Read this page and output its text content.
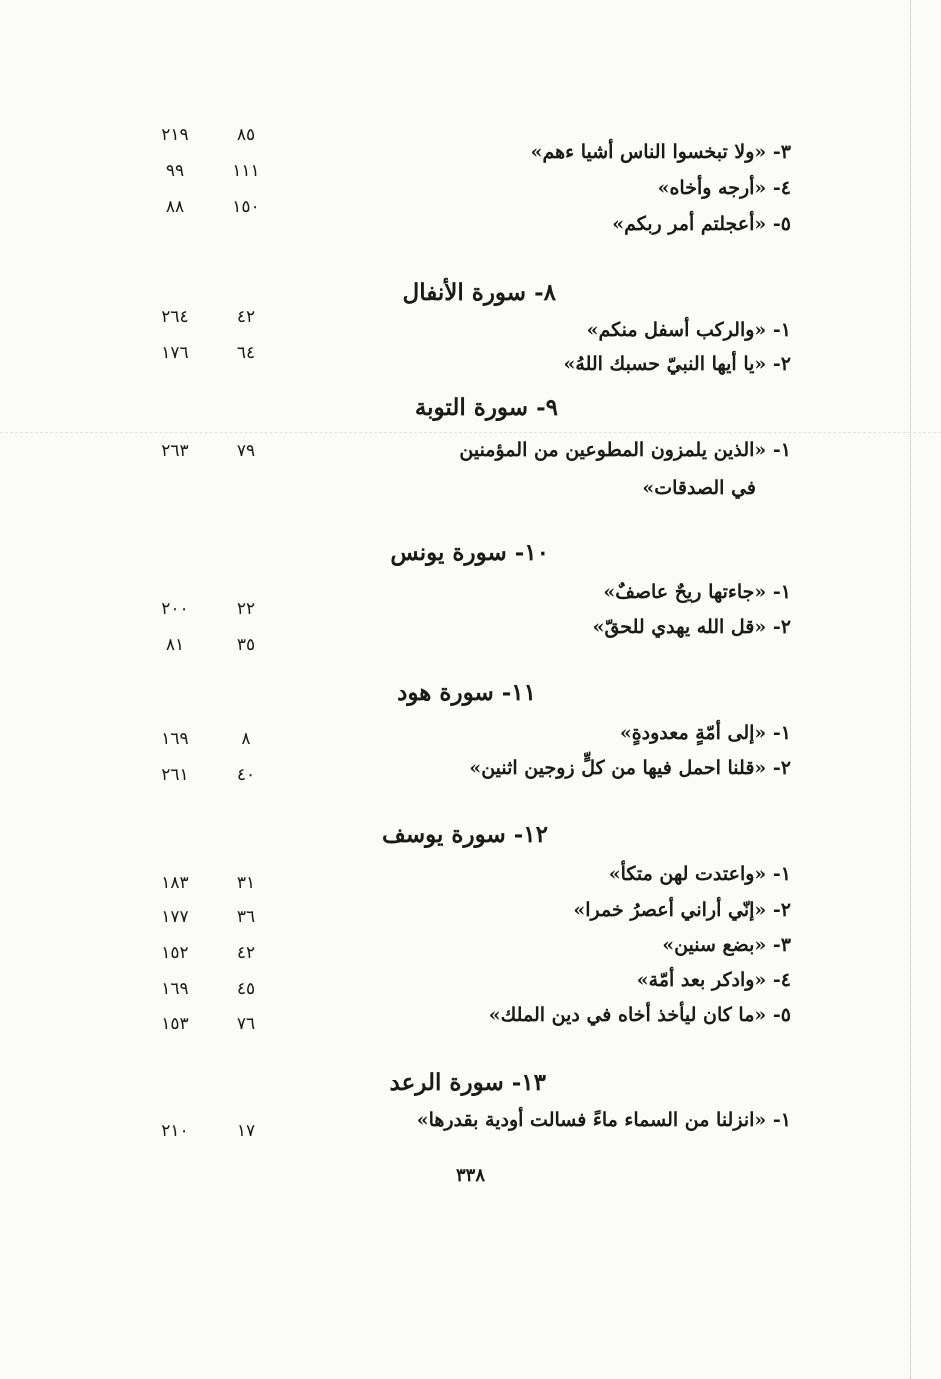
٣- «ولا تبخسوا الناس أشيا ءهم»
٨٥
٢١٩
٤- «أرجه وأخاه»
١١١
٩٩
٥- «أعجلتم أمر ربكم»
١٥٠
٨٨
٨- سورة الأنفال
١- «والركب أسفل منكم»
٤٢
٢٦٤
٢- «يا أيها النبيّ حسبك اللهُ»
٦٤
١٧٦
٩- سورة التوبة
١- «الذين يلمزون المطوعين من المؤمنين
٧٩
٢٦٣
في الصدقات»
١٠- سورة يونس
١- «جاءتها ريحٌ عاصفٌ»
٢٢
٢٠٠
٢- «قل الله يهدي للحقّ»
٣٥
٨١
١١- سورة هود
١- «إلى أمّةٍ معدودةٍ»
٨
١٦٩
٢- «قلنا احمل فيها من كلٍّ زوجين اثنين»
٤٠
٢٦١
١٢- سورة يوسف
١- «واعتدت لهن متكأ»
٣١
١٨٣
٢- «إنّي أراني أعصرُ خمرا»
٣٦
١٧٧
٣- «بضع سنين»
٤٢
١٥٢
٤- «وادكر بعد أمّة»
٤٥
١٦٩
٥- «ما كان ليأخذ أخاه في دين الملك»
٧٦
١٥٣
١٣- سورة الرعد
١- «انزلنا من السماء ماءً فسالت أودية بقدرها»
١٧
٢١٠
٣٣٨
